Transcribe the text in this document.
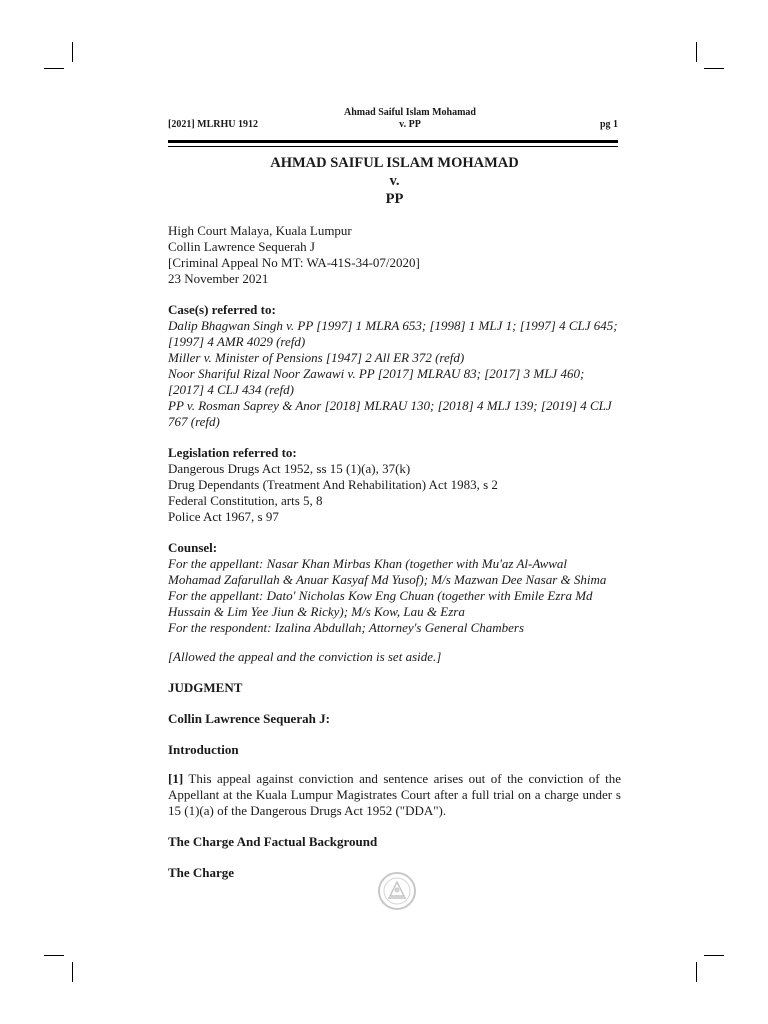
[2021] MLRHU 1912
Ahmad Saiful Islam Mohamad
v. PP	pg 1
AHMAD SAIFUL ISLAM MOHAMAD
v.
PP
High Court Malaya, Kuala Lumpur
Collin Lawrence Sequerah J
[Criminal Appeal No MT: WA-41S-34-07/2020]
23 November 2021
Case(s) referred to:
Dalip Bhagwan Singh v. PP [1997] 1 MLRA 653; [1998] 1 MLJ 1; [1997] 4 CLJ 645; [1997] 4 AMR 4029 (refd)
Miller v. Minister of Pensions [1947] 2 All ER 372 (refd)
Noor Shariful Rizal Noor Zawawi v. PP [2017] MLRAU 83; [2017] 3 MLJ 460; [2017] 4 CLJ 434 (refd)
PP v. Rosman Saprey & Anor [2018] MLRAU 130; [2018] 4 MLJ 139; [2019] 4 CLJ 767 (refd)
Legislation referred to:
Dangerous Drugs Act 1952, ss 15 (1)(a), 37(k)
Drug Dependants (Treatment And Rehabilitation) Act 1983, s 2
Federal Constitution, arts 5, 8
Police Act 1967, s 97
Counsel:
For the appellant: Nasar Khan Mirbas Khan (together with Mu'az Al-Awwal Mohamad Zafarullah & Anuar Kasyaf Md Yusof); M/s Mazwan Dee Nasar & Shima
For the appellant: Dato' Nicholas Kow Eng Chuan (together with Emile Ezra Md Hussain & Lim Yee Jiun & Ricky); M/s Kow, Lau & Ezra
For the respondent: Izalina Abdullah; Attorney's General Chambers
[Allowed the appeal and the conviction is set aside.]
JUDGMENT
Collin Lawrence Sequerah J:
Introduction
[1] This appeal against conviction and sentence arises out of the conviction of the Appellant at the Kuala Lumpur Magistrates Court after a full trial on a charge under s 15 (1)(a) of the Dangerous Drugs Act 1952 ("DDA").
The Charge And Factual Background
The Charge
